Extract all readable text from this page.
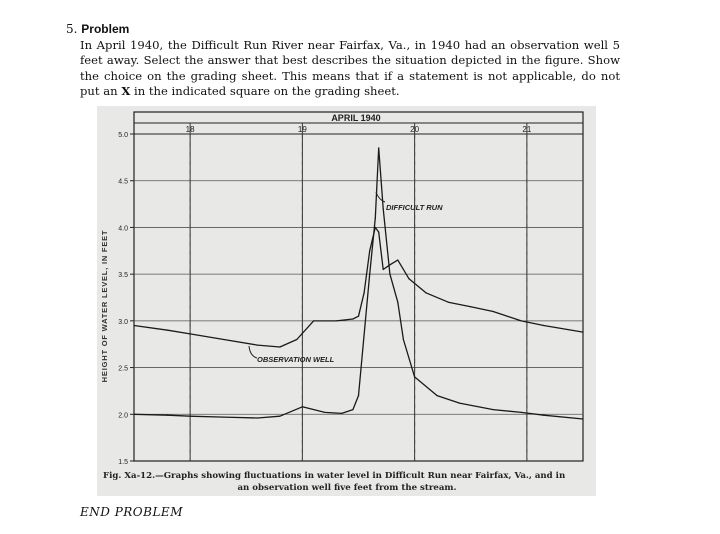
5. Problem
In April 1940, the Difficult Run River near Fairfax, Va., in 1940 had an observation well 5 feet away. Select the answer that best describes the situation depicted in the figure. Show the choice on the grading sheet. This means that if a statement is not applicable, do not put an X in the indicated square on the grading sheet.
APRIL 1940
5.0
4.5
4.0
3.5
3.0
2.5
2.0
1.5
18	19	20	21
HEIGHT OF WATER LEVEL, IN FEET
DIFFICULT RUN
OBSERVATION WELL
Fig. Xa-12.—Graphs showing fluctuations in water level in Difficult Run near Fairfax, Va., and in
an observation well five feet from the stream.
END PROBLEM
